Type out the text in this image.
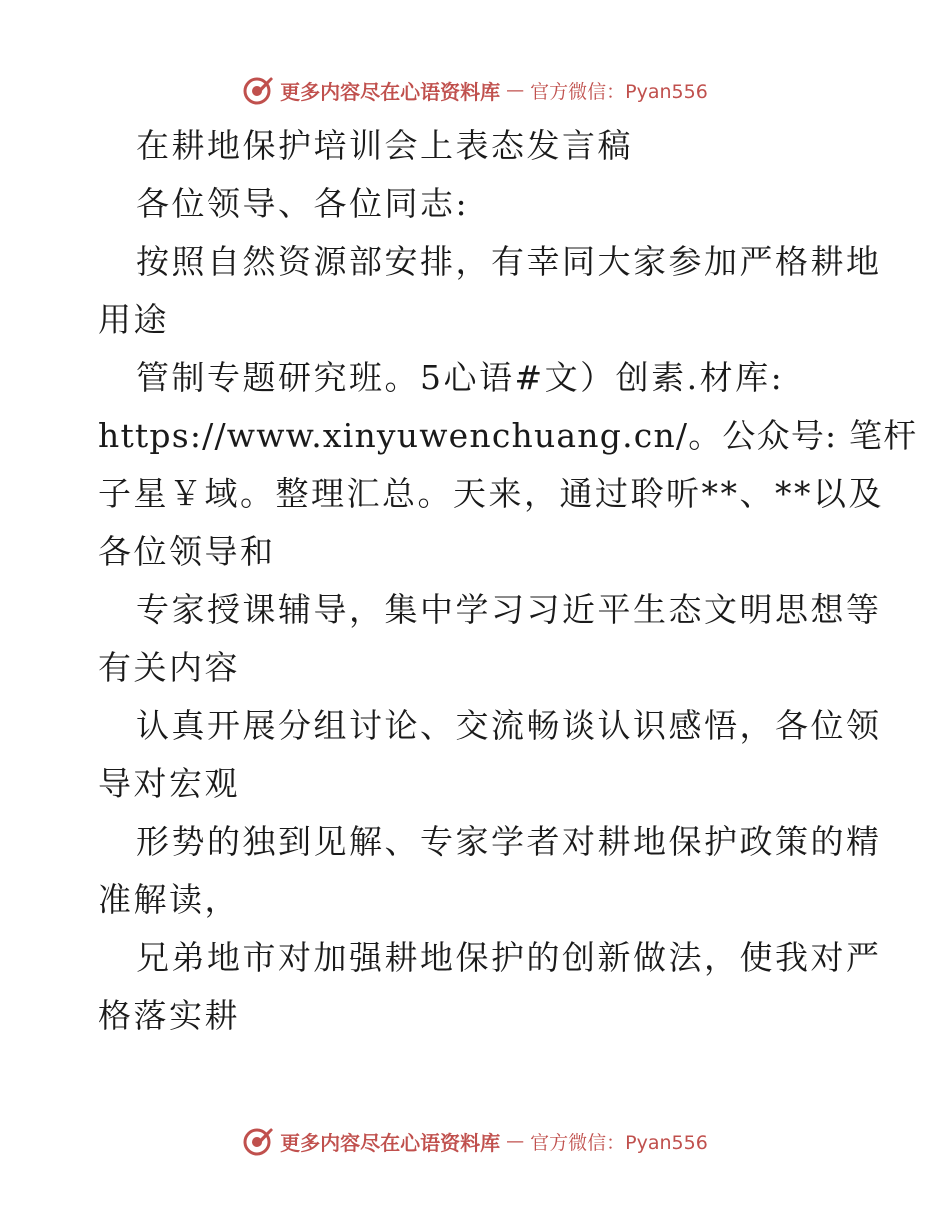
更多内容尽在心语资料库 — 官方微信：Pyan556
在耕地保护培训会上表态发言稿
各位领导、各位同志:
按照自然资源部安排，有幸同大家参加严格耕地
用途
管制专题研究班。5心语#文）创素.材库:
https://www.xinyuwenchuang.cn/。公众号: 笔杆
子星￥域。整理汇总。天来，通过聆听**、**以及
各位领导和
专家授课辅导，集中学习习近平生态文明思想等
有关内容
认真开展分组讨论、交流畅谈认识感悟，各位领
导对宏观
形势的独到见解、专家学者对耕地保护政策的精
准解读，
兄弟地市对加强耕地保护的创新做法，使我对严
格落实耕
更多内容尽在心语资料库 — 官方微信：Pyan556
